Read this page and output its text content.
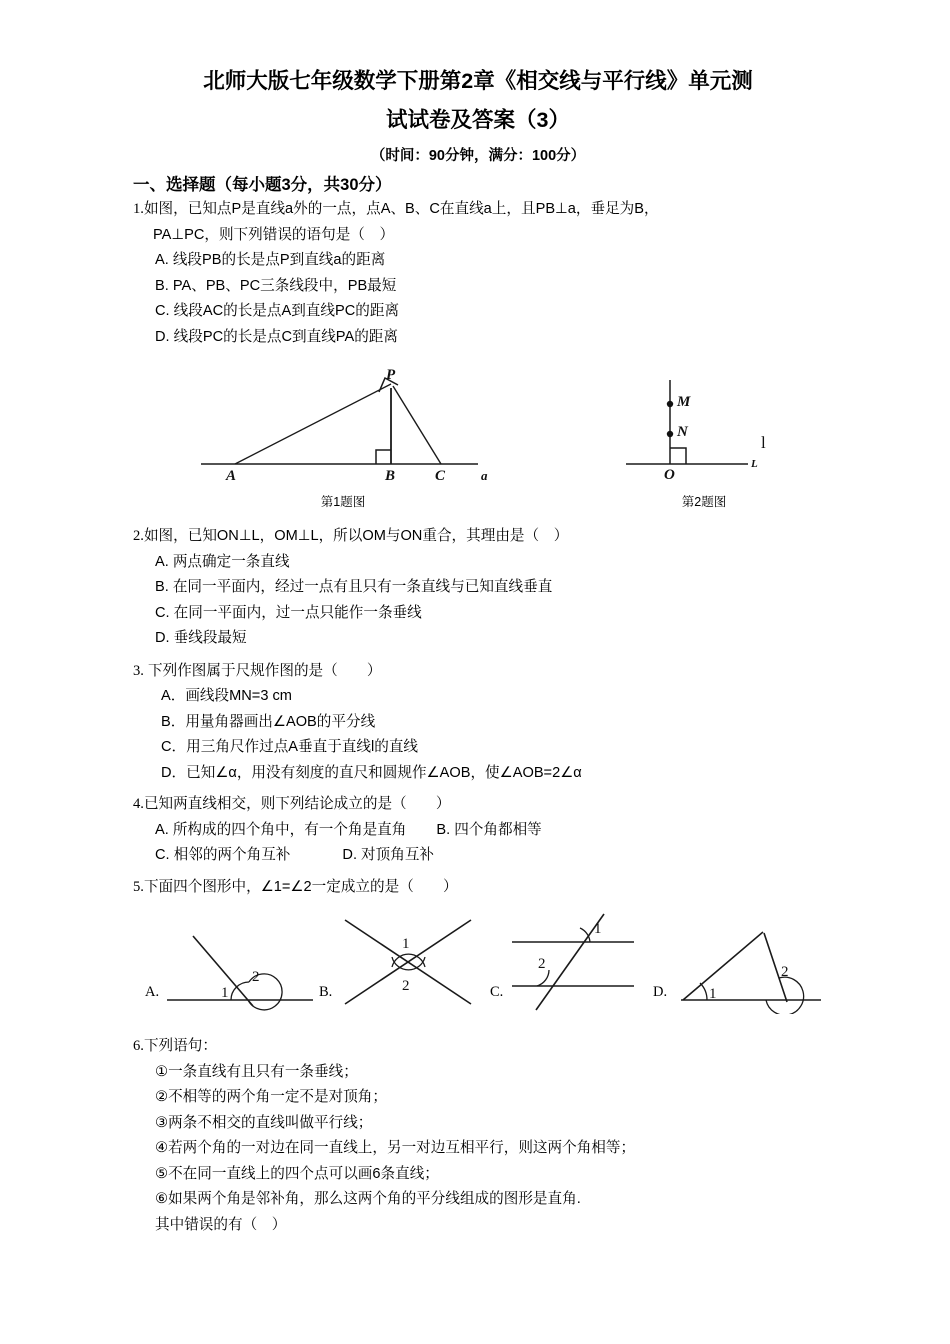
北师大版七年级数学下册第2章《相交线与平行线》单元测
试试卷及答案（3）
（时间：90分钟，满分：100分）
一、选择题（每小题3分，共30分）
1.如图，已知点P是直线a外的一点，点A、B、C在直线a上，且PB⊥a，垂足为B，
PA⊥PC，则下列错误的语句是（　）
A. 线段PB的长是点P到直线a的距离
B. PA、PB、PC三条线段中，PB最短
C. 线段AC的长是点A到直线PC的距离
D. 线段PC的长是点C到直线PA的距离
P
A	B	C	a
第1题图
M
N
O
L
l
第2题图
2.如图，已知ON⊥L，OM⊥L，所以OM与ON重合，其理由是（　）
A. 两点确定一条直线
B. 在同一平面内，经过一点有且只有一条直线与已知直线垂直
C. 在同一平面内，过一点只能作一条垂线
D. 垂线段最短
3. 下列作图属于尺规作图的是（　　）
A．画线段MN=3 cm
B．用量角器画出∠AOB的平分线
C．用三角尺作过点A垂直于直线l的直线
D．已知∠α，用没有刻度的直尺和圆规作∠AOB，使∠AOB=2∠α
4.已知两直线相交，则下列结论成立的是（　　）
A. 所构成的四个角中，有一个角是直角 B. 四个角都相等
C. 相邻的两个角互补	D. 对顶角互补
5.下面四个图形中，∠1=∠2一定成立的是（　　）
A.	1
2
B.
1
2	C.
1
2
D.	1
2
6.下列语句：
①一条直线有且只有一条垂线；
②不相等的两个角一定不是对顶角；
③两条不相交的直线叫做平行线；
④若两个角的一对边在同一直线上，另一对边互相平行，则这两个角相等；
⑤不在同一直线上的四个点可以画6条直线；
⑥如果两个角是邻补角，那么这两个角的平分线组成的图形是直角.
其中错误的有（　）
